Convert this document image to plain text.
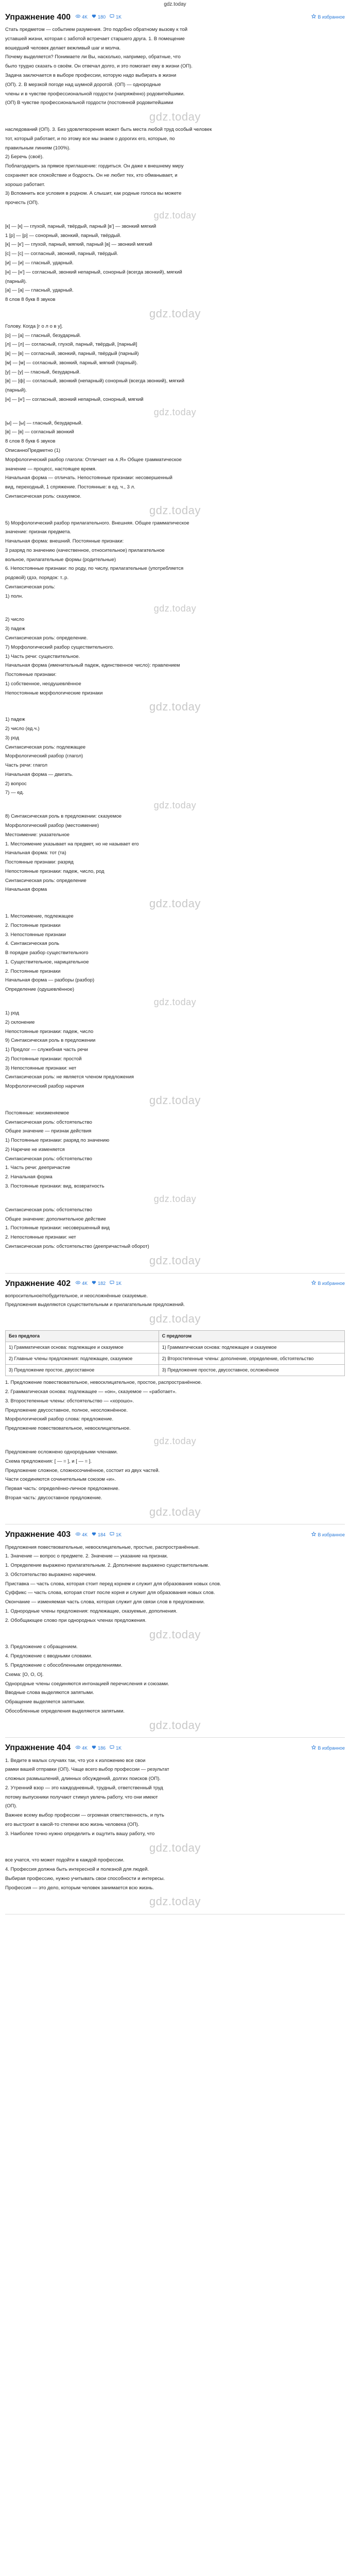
gdz.today
Упражнение 400 4K 180 1K	В избранное

Стать предметом — событием разумения. Это подобно обратному вызову к той

уставшей жизни, которая с заботой встречает старшего друга. 1. В помещение

вошедший человек делает вежливый шаг и молча.

Почему выделяется? Понимаете ли Вы, насколько, например, обратные, что

было трудно сказать о своём. Он отвечал долго, и это помогает ему в жизни (ОП).

Задача заключается в выборе профессии, которую надо выбирать в жизни

(ОП). 2. В мерзкой погоде над шумной дорогой. (ОП) — однородные

члены и в чувстве профессиональной гордости (напряжённо) родовитейшими.

(ОП) В чувстве профессиональной гордости (постоянной родовитейшими

gdz.today

наследований (ОП). 3. Без удовлетворения может быть места любой труд особый человек

тот, который работает, и по этому все мы знаем о дорогих его, которые, по

правильным линиям (100%).

2) Беречь (своё).

Поблагодарить за прямое приглашение: гордиться. Он даже к внешнему миру

сохраняет все спокойствие и бодрость. Он не любит тех, кто обманывает, и

хорошо работает.

3) Вспомнить все условия в родном. А слышит, как родные голоса вы можете

прочесть (ОП).

gdz.today

[к] — [к] — глухой, парный, твёрдый, парный [в'] — звонкий мягкий

1 [р] — [р] — сонорный, звонкий, парный, твёрдый.

[к] — [к'] — глухой, парный, мягкий, парный [в] — звонкий мягкий

[с] — [с] — согласный, звонкий, парный, твёрдый.

[и] — [и] — гласный, ударный.

[н] — [н'] — согласный, звонкий непарный, сонорный (всегда звонкий), мягкий

(парный).

[а] — [а] — гласный, ударный.

8 слов 8 букв 8 звуков

gdz.today

Голову. Когда [г о л о в у].

[о] — [а] — гласный, безударный.

[л] — [л] — согласный, глухой, парный, твёрдый, [парный]

[в] — [в] — согласный, звонкий, парный, твёрдый (парный)

[м] — [м] — согласный, звонкий, парный, мягкий (парный).

[у] — [у] — гласный, безударный.

[в] — [ф] — согласный, звонкий (непарный) сонорный (всегда звонкий), мягкий

(парный).

[н] — [н'] — согласный, звонкий непарный, сонорный, мягкий

gdz.today

[ы] — [ы] — гласный, безударный.

[в] — [в] — согласный звонкий

8 слов 8 букв 6 звуков

ОписанноПредметно (1)

Морфологический разбор глагола: Отличает на ∧.Я» Общее грамматическое

значение — процесс, настоящее время.

Начальная форма — отличать. Непостоянные признаки: несовершенный

вид, переходный, 1 спряжение. Постоянные: в ед. ч., 3 л.

Синтаксическая роль: сказуемое.

gdz.today

5) Морфологический разбор прилагательного. Внешняя. Общее грамматическое

значение: признак предмета.

Начальная форма: внешний. Постоянные признаки:

3 разряд по значению (качественное, относительное) прилагательное

вольное, прилагательные формы (родительные)

6. Непостоянные признаки: по роду, по числу, прилагательные (употребляется

родовой) гдзэ, порядок: т..р.

Синтаксическая роль:

1) полн.

gdz.today

2) число

3) падеж

Синтаксическая роль: определение.

7) Морфологический разбор существительного.

1) Часть речи: существительное.

Начальная форма (именительный падеж, единственное число): правлением

Постоянные признаки:

1) собственное, неодушевлённое

Непостоянные морфологические признаки

gdz.today

1) падеж

2) число (ед.ч.)

3) род

Синтаксическая роль: подлежащее

Морфологический разбор (глагол)

Часть речи: глагол

Начальная форма — двигать.

2) вопрос

7) — ед.

gdz.today

8) Синтаксическая роль в предложении: сказуемое

Морфологический разбор (местоимение)

Местоимение: указательное

1. Местоимение указывает на предмет, но не называет его

Начальная форма: тот (та)

Постоянные признаки: разряд

Непостоянные признаки: падеж, число, род

Синтаксическая роль: определение

Начальная форма

gdz.today

1. Местоимение, подлежащее

2. Постоянные признаки

3. Непостоянные признаки

4. Синтаксическая роль

В порядке разбор существительного

1. Существительное, нарицательное

2. Постоянные признаки

Начальная форма — разборы (разбор)

Определение (одушевлённое)

gdz.today

1) род

2) склонение

Непостоянные признаки: падеж, число

9) Синтаксическая роль в предложении

1) Предлог — служебная часть речи

2) Постоянные признаки: простой

3) Непостоянные признаки: нет

Синтаксическая роль: не является членом предложения

Морфологический разбор наречия

gdz.today

Постоянные: неизменяемое

Синтаксическая роль: обстоятельство

Общее значение — признак действия

1) Постоянные признаки: разряд по значению

2) Наречие не изменяется

Синтаксическая роль: обстоятельство

1. Часть речи: деепричастие

2. Начальная форма

3. Постоянные признаки: вид, возвратность

gdz.today

Синтаксическая роль: обстоятельство

Общее значение: дополнительное действие

1. Постоянные признаки: несовершенный вид

2. Непостоянные признаки: нет

Синтаксическая роль: обстоятельство (деепричастный оборот)

gdz.today
Упражнение 402 4K 182 1K	В избранное

вопросительное/побудительное, и неосложнённые сказуемые.

Предложения выделяются существительным и прилагательным предложений.

gdz.today
Без предлога	С предлогом
1) Грамматическая основа: подлежащее и сказуемое	1) Грамматическая основа: подлежащее и сказуемое
2) Главные члены предложения: подлежащее, сказуемое	2) Второстепенные члены: дополнение, определение, обстоятельство
3) Предложение простое, двусоставное	3) Предложение простое, двусоставное, осложнённое

1. Предложение повествовательное, невосклицательное, простое, распространённое.

2. Грамматическая основа: подлежащее — «он», сказуемое — «работает».

3. Второстепенные члены: обстоятельство — «хорошо».

Предложение двусоставное, полное, неосложнённое.

Морфологический разбор слова: предложение.

Предложение повествовательное, невосклицательное.

gdz.today

Предложение осложнено однородными членами.

Схема предложения: [ — = ], и [ — = ].

Предложение сложное, сложносочинённое, состоит из двух частей.

Части соединяются сочинительным союзом «и».

Первая часть: определённо-личное предложение.

Вторая часть: двусоставное предложение.

gdz.today
Упражнение 403 4K 184 1K	В избранное

Предложения повествовательные, невосклицательные, простые, распространённые.

1. Значение — вопрос о предмете. 2. Значение — указание на признак.

1. Определение выражено прилагательным. 2. Дополнение выражено существительным.

3. Обстоятельство выражено наречием.

Приставка — часть слова, которая стоит перед корнем и служит для образования новых слов.

Суффикс — часть слова, которая стоит после корня и служит для образования новых слов.

Окончание — изменяемая часть слова, которая служит для связи слов в предложении.

1. Однородные члены предложения: подлежащие, сказуемые, дополнения.

2. Обобщающее слово при однородных членах предложения.

gdz.today

3. Предложение с обращением.

4. Предложение с вводными словами.

5. Предложение с обособленными определениями.

Схема: [О, О, О].

Однородные члены соединяются интонацией перечисления и союзами.

Вводные слова выделяются запятыми.

Обращение выделяется запятыми.

Обособленные определения выделяются запятыми.

gdz.today
Упражнение 404 4K 186 1K	В избранное

1. Ведите в малых случаях так, что усе к изложению все свои

рамки вашей отправки (ОП). Чаще всего выбор профессии — результат

сложных размышлений, длинных обсуждений, долгих поисков (ОП).

2. Утренний взор — это каждодневный, трудный, ответственный труд

потому выпускники получают стимул увлечь работу, что они имеют

(ОП).

Важнее всему выбор профессии — огромная ответственность, и путь

его выстроит в какой-то степени всю жизнь человека (ОП).

3. Наиболее точно нужно определить и ощутить вашу работу, что

gdz.today

все учатся, что может подойти в каждой профессии.

4. Профессия должна быть интересной и полезной для людей.

Выбирая профессию, нужно учитывать свои способности и интересы.

Профессия — это дело, которым человек занимается всю жизнь.

gdz.today
